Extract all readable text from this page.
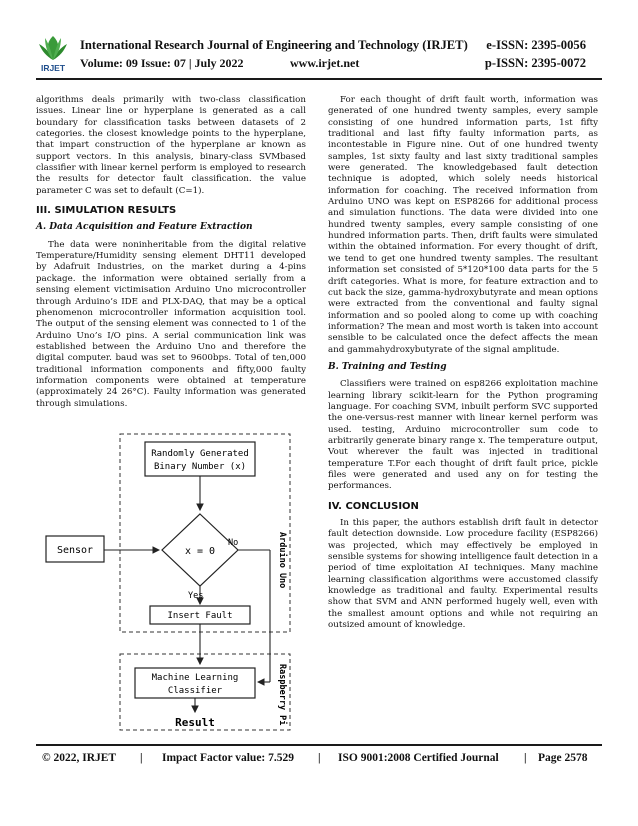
IRJET
International Research Journal of Engineering and Technology (IRJET) e-ISSN: 2395-0056
Volume: 09 Issue: 07 | July 2022	www.irjet.net	p-ISSN: 2395-0072

algorithms deals primarily with two-class classification issues. Linear line or hyperplane is generated as a call boundary for classification tasks between datasets of 2 categories. the closest knowledge points to the hyperplane, that impart construction of the hyperplane ar known as support vectors. In this analysis, binary-class SVMbased classifier with linear kernel perform is employed to research the results for detector fault classification. the value parameter C was set to default (C=1).

III. SIMULATION RESULTS
A. Data Acquisition and Feature Extraction

The data were noninheritable from the digital relative Temperature/Humidity sensing element DHT11 developed by Adafruit Industries, on the market during a 4-pins package. the information were obtained serially from a sensing element victimisation Arduino Uno microcontroller through Arduino’s IDE and PLX-DAQ, that may be a optical phenomenon microcontroller information acquisition tool. The output of the sensing element was connected to 1 of the Arduino Uno’s I/O pins. A serial communication link was established between the Arduino Uno and therefore the digital computer. baud was set to 9600bps. Total of ten,000 traditional information components and fifty,000 faulty information components were obtained at temperature (approximately 24 26°C). Faulty information was generated through simulations.

Randomly Generated
Binary Number (x)
x = 0
Sensor
No
Yes
Insert Fault
Arduino Uno
Machine Learning
Classifier	Raspberry Pi
Result

For each thought of drift fault worth, information was generated of one hundred twenty samples, every sample consisting of one hundred information parts, 1st fifty traditional and last fifty faulty information parts, as incontestable in Figure nine. Out of one hundred twenty samples, 1st sixty faulty and last sixty traditional samples were generated. The knowledgebased fault detection technique is adopted, which solely needs historical information for coaching. The received information from Arduino UNO was kept on ESP8266 for additional process and simulation functions. The data were divided into one hundred twenty samples, every sample consisting of one hundred information parts. Then, drift faults were simulated within the obtained information. For every thought of drift, we tend to get one hundred twenty samples. The resultant information set consisted of 5*120*100 data parts for the 5 drift categories. What is more, for feature extraction and to cut back the size, gamma-hydroxybutyrate and mean options were extracted from the conventional and faulty signal information and so pooled along to come up with coaching information? The mean and most worth is taken into account sensible to be calculated once the defect affects the mean and gammahydroxybutyrate of the signal amplitude.

B. Training and Testing

Classifiers were trained on esp8266 exploitation machine learning library scikit-learn for the Python programing language. For coaching SVM, inbuilt perform SVC supported the one-versus-rest manner with linear kernel perform was used. testing, Arduino microcontroller sum code to arbitrarily generate binary range x. The temperature output, Vout wherever the fault was injected in traditional temperature T.For each thought of drift fault price, pickle files were generated and used any on for testing the performances.

IV. CONCLUSION

In this paper, the authors establish drift fault in detector fault detection downside. Low procedure facility (ESP8266) was projected, which may effectively be employed in sensible systems for showing intelligence fault detection in a period of time exploitation AI techniques. Many machine learning classification algorithms were accustomed classify knowledge as traditional and faulty. Experimental results show that SVM and ANN performed hugely well, even with the smallest amount options and while not requiring an outsized amount of knowledge.

© 2022, IRJET | Impact Factor value: 7.529 | ISO 9001:2008 Certified Journal | Page 2578
